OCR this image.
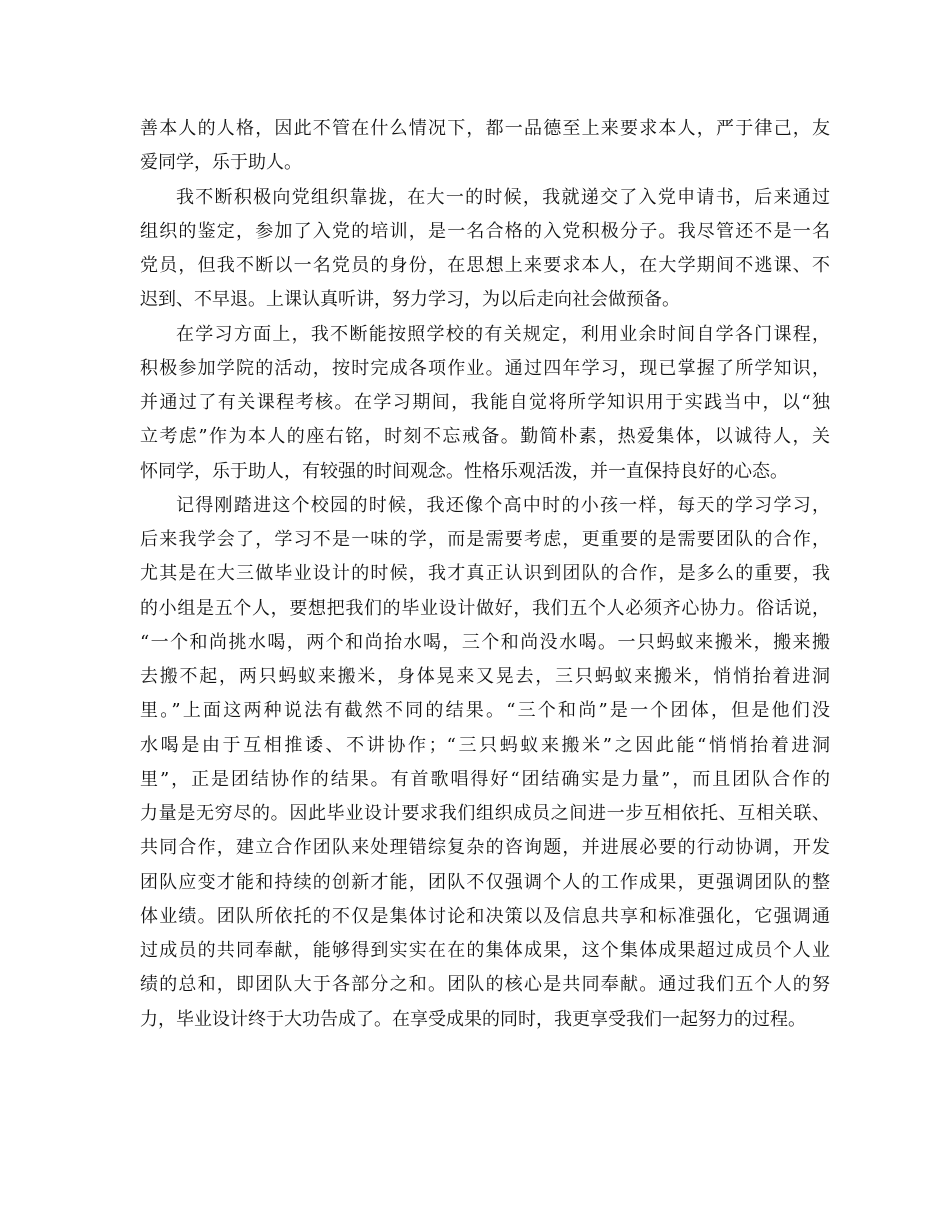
善本人的人格，因此不管在什么情况下，都一品德至上来要求本人，严于律己，友
爱同学，乐于助人。
我不断积极向党组织靠拢，在大一的时候，我就递交了入党申请书，后来通过
组织的鉴定，参加了入党的培训，是一名合格的入党积极分子。我尽管还不是一名
党员，但我不断以一名党员的身份，在思想上来要求本人，在大学期间不逃课、不
迟到、不早退。上课认真听讲，努力学习，为以后走向社会做预备。
在学习方面上，我不断能按照学校的有关规定，利用业余时间自学各门课程，
积极参加学院的活动，按时完成各项作业。通过四年学习，现已掌握了所学知识，
并通过了有关课程考核。在学习期间，我能自觉将所学知识用于实践当中，以“独
立考虑”作为本人的座右铭，时刻不忘戒备。勤简朴素，热爱集体，以诚待人，关
怀同学，乐于助人，有较强的时间观念。性格乐观活泼，并一直保持良好的心态。
记得刚踏进这个校园的时候，我还像个高中时的小孩一样，每天的学习学习，
后来我学会了，学习不是一味的学，而是需要考虑，更重要的是需要团队的合作，
尤其是在大三做毕业设计的时候，我才真正认识到团队的合作，是多么的重要，我
的小组是五个人，要想把我们的毕业设计做好，我们五个人必须齐心协力。俗话说，
“一个和尚挑水喝，两个和尚抬水喝，三个和尚没水喝。一只蚂蚁来搬米，搬来搬
去搬不起，两只蚂蚁来搬米，身体晃来又晃去，三只蚂蚁来搬米，悄悄抬着进洞
里。”上面这两种说法有截然不同的结果。“三个和尚”是一个团体，但是他们没
水喝是由于互相推诿、不讲协作；“三只蚂蚁来搬米”之因此能“悄悄抬着进洞
里”，正是团结协作的结果。有首歌唱得好“团结确实是力量”，而且团队合作的
力量是无穷尽的。因此毕业设计要求我们组织成员之间进一步互相依托、互相关联、
共同合作，建立合作团队来处理错综复杂的咨询题，并进展必要的行动协调，开发
团队应变才能和持续的创新才能，团队不仅强调个人的工作成果，更强调团队的整
体业绩。团队所依托的不仅是集体讨论和决策以及信息共享和标准强化，它强调通
过成员的共同奉献，能够得到实实在在的集体成果，这个集体成果超过成员个人业
绩的总和，即团队大于各部分之和。团队的核心是共同奉献。通过我们五个人的努
力，毕业设计终于大功告成了。在享受成果的同时，我更享受我们一起努力的过程。
